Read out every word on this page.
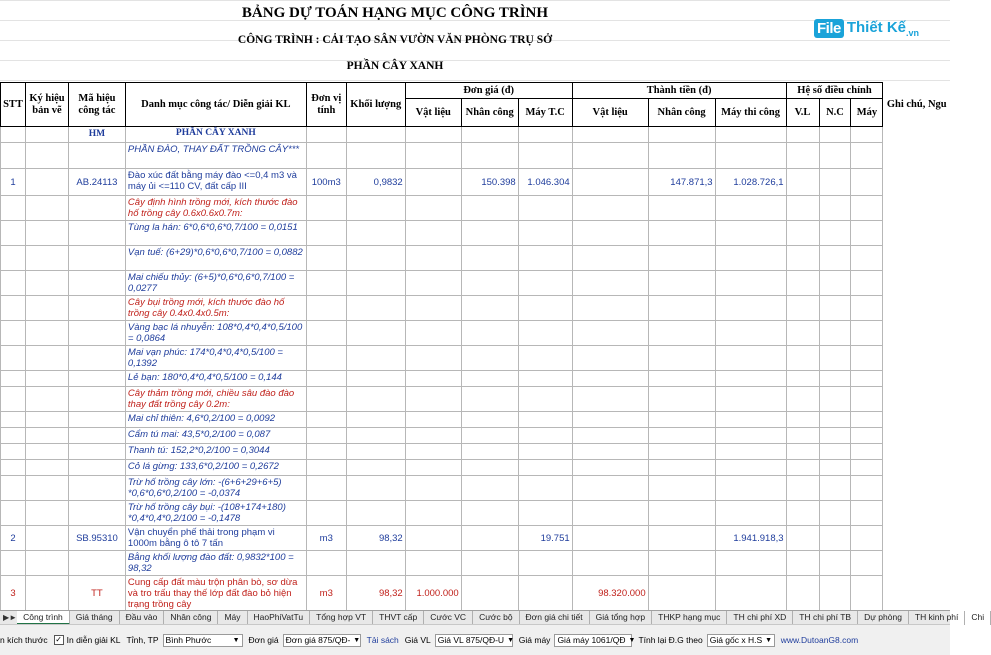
BẢNG DỰ TOÁN HẠNG MỤC CÔNG TRÌNH
CÔNG TRÌNH : CẢI TẠO SÂN VƯỜN VĂN PHÒNG TRỤ SỞ
PHẦN CÂY XANH
File Thiết Kế$_{.vn}$
STT	Ký hiệu bản vẽ	Mã hiệu công tác	Danh mục công tác/ Diễn giải KL	Đơn vị tính	Khối lượng	Đơn giá (đ)			Thành tiền (đ)			Hệ số điều chỉnh			Ghi chú, Ngu
						Vật liệu	Nhân công	Máy T.C	Vật liệu	Nhân công	Máy thi công	V.L	N.C	Máy	

		HM	PHẦN CÂY XANH												
			PHẦN ĐÀO, THAY ĐẤT TRỒNG CÂY***												
1		AB.24113	Đào xúc đất bằng máy đào <=0,4 m3 và máy ủi <=110 CV, đất cấp III	100m3	0,9832		150.398	1.046.304		147.871,3	1.028.726,1				
			Cây định hình trồng mới, kích thước đào hố trồng cây 0.6x0.6x0.7m:												
			Tùng la hán: 6*0,6*0,6*0,7/100 = 0,0151												
			Vạn tuế: (6+29)*0,6*0,6*0,7/100 = 0,0882												
			Mai chiếu thủy: (6+5)*0,6*0,6*0,7/100 = 0,0277												
			Cây bụi trồng mới, kích thước đào hố trồng cây 0.4x0.4x0.5m:												
			Vàng bạc lá nhuyễn: 108*0,4*0,4*0,5/100 = 0,0864												
			Mai vạn phúc: 174*0,4*0,4*0,5/100 = 0,1392												
			Lẻ bạn: 180*0,4*0,4*0,5/100 = 0,144												
			Cây thảm trồng mới, chiều sâu đào đào thay đất trồng cây 0.2m:												
			Mai chỉ thiên: 4,6*0,2/100 = 0,0092												
			Cẩm tú mai: 43,5*0,2/100 = 0,087												
			Thanh tú: 152,2*0,2/100 = 0,3044												
			Cỏ lá gừng: 133,6*0,2/100 = 0,2672												
			Trừ hố trồng cây lớn: -(6+6+29+6+5) *0,6*0,6*0,2/100 = -0,0374												
			Trừ hố trồng cây bụi: -(108+174+180) *0,4*0,4*0,2/100 = -0,1478												
2		SB.95310	Vận chuyển phế thải trong phạm vi 1000m bằng ô tô 7 tấn	m3	98,32			19.751			1.941.918,3				
			Bằng khối lượng đào đất: 0,9832*100 = 98,32												
3		TT	Cung cấp đất màu trộn phân bò, sơ dừa và tro trấu thay thế lớp đất đào bỏ hiện trạng trồng cây	m3	98,32	1.000.000			98.320.000						
▶► Công trình	Giá tháng	Đầu vào	Nhân công	Máy	HaoPhiVatTu	Tổng hợp VT	THVT cấp	Cước VC	Cước bộ	Đơn giá chi tiết	Giá tổng hợp	THKP hạng mục	TH chi phí XD	TH chi phí TB	Dự phòng	TH kinh phí	Chi
n kích thước ✓ In diễn giải KL Tỉnh, TP Bình Phước	▼ Đơn giá Đơn giá 875/QĐ- ▼ Tải sách Giá VL Giá VL 875/QĐ-U ▼ Giá máy Giá máy 1061/QĐ ▼ Tính lại Đ.G theo Giá gốc x H.S ▼ www.DutoanG8.com
